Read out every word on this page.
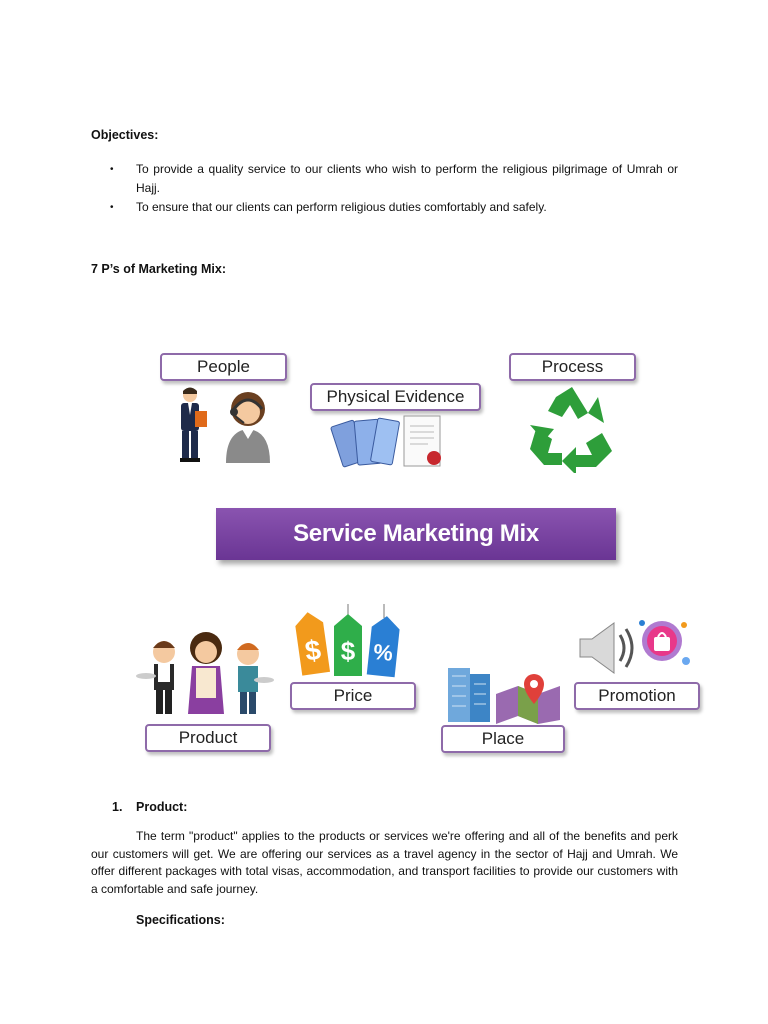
Objectives:
•	To provide a quality service to our clients who wish to perform the religious pilgrimage of Umrah or Hajj.
•	To ensure that our clients can perform religious duties comfortably and safely.
7 P’s of Marketing Mix:
People
Physical Evidence
Process
Service Marketing Mix
$ $ %
Price
Product	Place
Promotion
1. Product:
The term "product" applies to the products or services we're offering and all of the benefits and perk our customers will get. We are offering our services as a travel agency in the sector of Hajj and Umrah. We offer different packages with total visas, accommodation, and transport facilities to provide our customers with a comfortable and safe journey.
Specifications:
